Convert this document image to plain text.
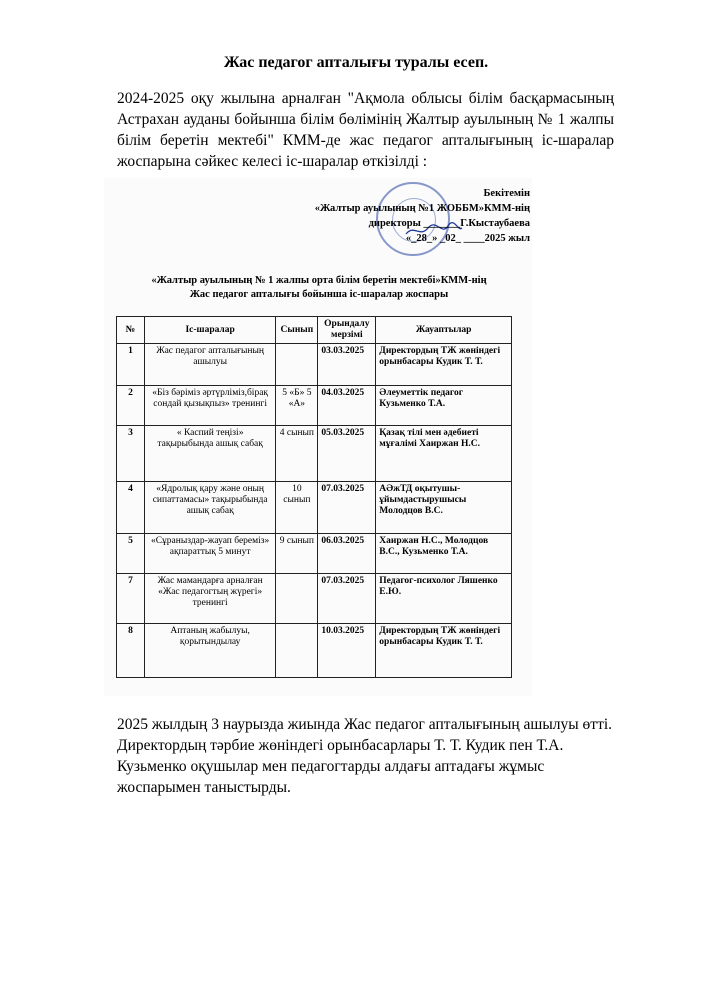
Жас педагог апталығы туралы есеп.
2024-2025 оқу жылына арналған "Ақмола облысы білім басқармасының Астрахан ауданы бойынша білім бөлімінің Жалтыр ауылының № 1 жалпы білім беретін мектебі" КММ-де жас педагог апталығының іс-шаралар жоспарына сәйкес келесі іс-шаралар өткізілді :
Бекітемін
«Жалтыр ауылының №1 ЖОББМ»КММ-нің
директоры _______Г.Кыстаубаева
«_28_» _02_ ____2025 жыл
«Жалтыр ауылының № 1 жалпы орта білім беретін мектебі»КММ-нің
Жас педагог апталығы бойынша іс-шаралар жоспары
№	Іс-шаралар	Сынып	Орындалу мерзімі	Жауаптылар
1	Жас педагог апталығының ашылуы		03.03.2025	Директордың ТЖ жөніндегі орынбасары Кудик Т. Т.
2	«Біз бәріміз әртүрліміз,бірақ сондай қызықпыз» тренингі	5 «Б» 5 «А»	04.03.2025	Әлеуметтік педагог Кузьменко Т.А.
3	« Каспий теңізі» тақырыбында ашық сабақ	4 сынып	05.03.2025	Қазақ тілі мен әдебиеті мұғалімі Хаиржан Н.С.
4	«Ядролық қару және оның сипаттамасы» тақырыбында ашық сабақ	10 сынып	07.03.2025	АӘжТД оқытушы-ұйымдастырушысы Молодцов В.С.
5	«Сұраныздар-жауап беремiз» ақпараттық 5 минут	9 сынып	06.03.2025	Хаиржан Н.С., Молодцов В.С., Кузьменко Т.А.
7	Жас мамандарға арналған «Жас педагогтың жүрегі» тренингі		07.03.2025	Педагог-психолог Ляшенко Е.Ю.
8	Аптаның жабылуы, қорытындылау		10.03.2025	Директордың ТЖ жөніндегі орынбасары Кудик Т. Т.
2025 жылдың 3 наурызда жиында Жас педагог апталығының ашылуы өтті. Директордың тәрбие жөніндегі орынбасарлары Т. Т. Кудик пен Т.А. Кузьменко оқушылар мен педагогтарды алдағы аптадағы жұмыс жоспарымен таныстырды.
